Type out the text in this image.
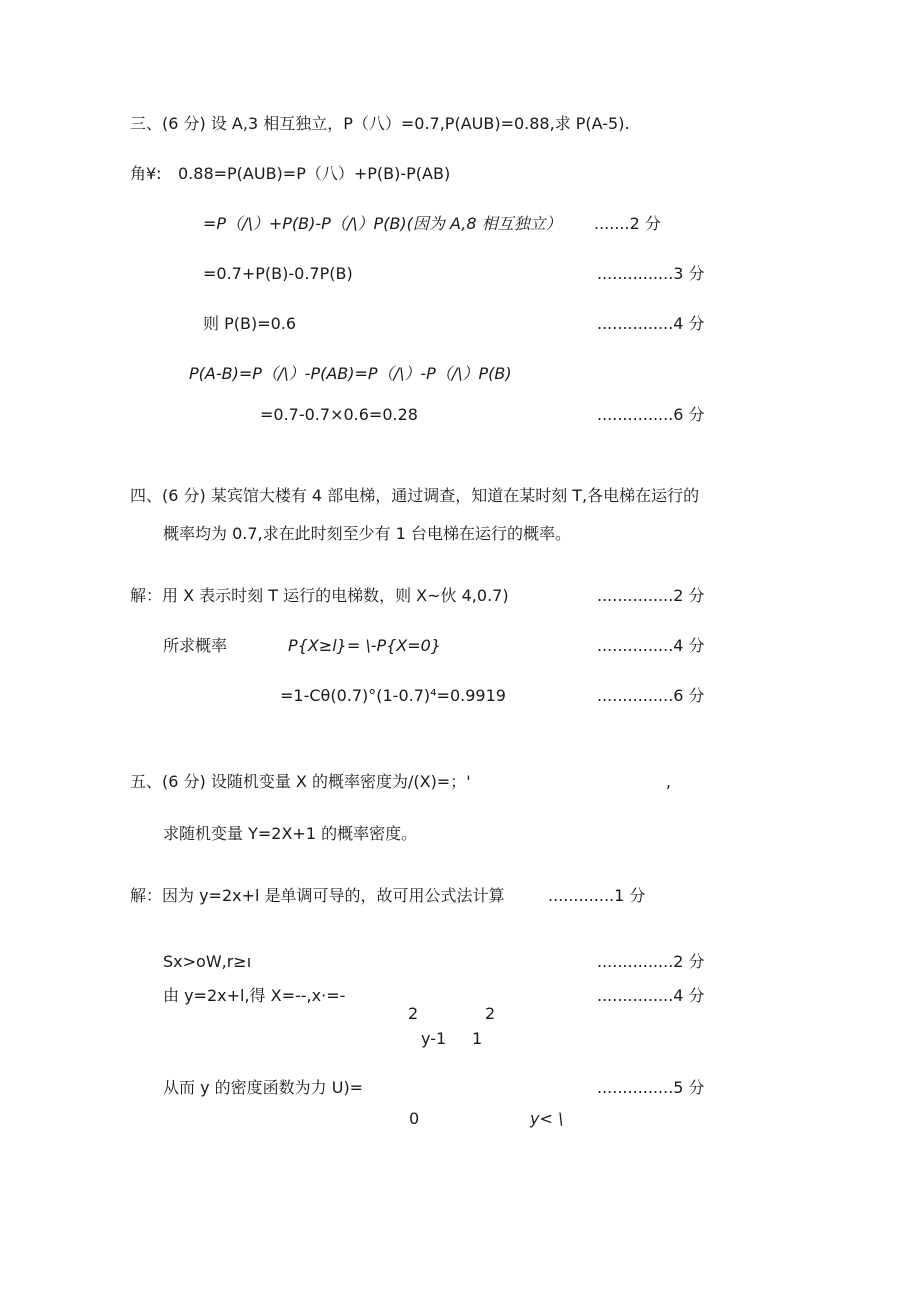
三、(6 分) 设 A,3 相互独立，P（八）=0.7,P(AUB)=0.88,求 P(A-5).
角¥: 0.88=P(AUB)=P（八）+P(B)-P(AB)
=P（/\）+P(B)-P（/\）P(B)(因为 A,8 相互独立） .......2 分
=0.7+P(B)-0.7P(B)	...............3 分
则 P(B)=0.6	...............4 分
P(A-B)=P（/\）-P(AB)=P（/\）-P（/\）P(B)
=0.7-0.7×0.6=0.28	...............6 分
四、(6 分) 某宾馆大楼有 4 部电梯，通过调查，知道在某时刻 T,各电梯在运行的
概率均为 0.7,求在此时刻至少有 1 台电梯在运行的概率。
解：用 X 表示时刻 T 运行的电梯数，则 X~伙 4,0.7)	...............2 分
所求概率	P{X≥l}= \-P{X=0}	...............4 分
=1-Cθ(0.7)°(1-0.7)⁴=0.9919	...............6 分
五、(6 分) 设随机变量 X 的概率密度为/(X)=；'	,
求随机变量 Y=2X+1 的概率密度。
解：因为 y=2x+l 是单调可导的，故可用公式法计算	.............1 分
Sx>oW,r≥ı	...............2 分
由 y=2x+l,得 X=--,x·=-	...............4 分
2	2
y-1 1
从而 y 的密度函数为力 U)=	...............5 分
0	y< \
